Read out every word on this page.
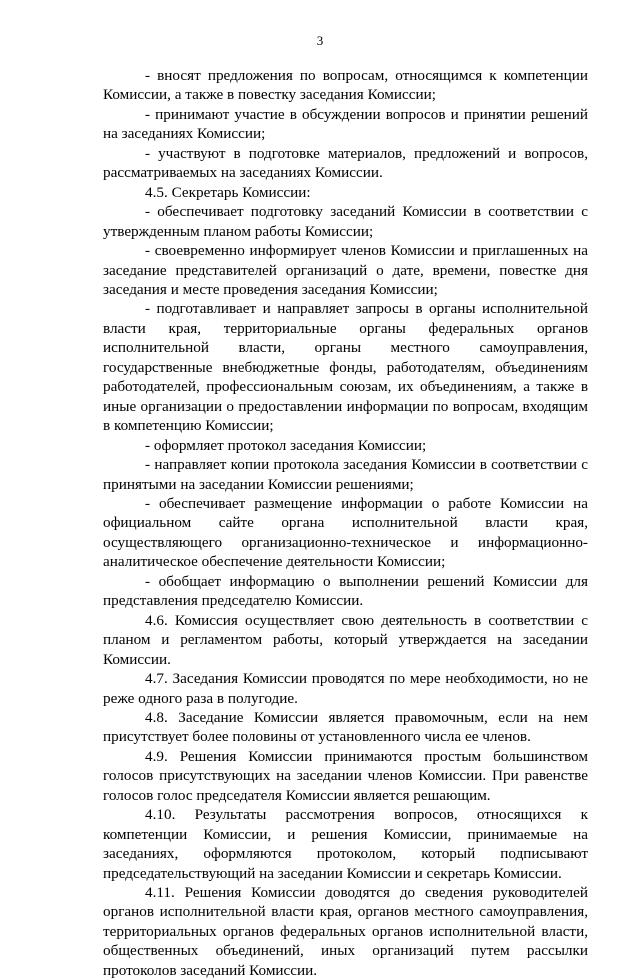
3

- вносят предложения по вопросам, относящимся к компетенции Комиссии, а также в повестку заседания Комиссии;

- принимают участие в обсуждении вопросов и принятии решений на заседаниях Комиссии;

- участвуют в подготовке материалов, предложений и вопросов, рассматриваемых на заседаниях Комиссии.

4.5. Секретарь Комиссии:

- обеспечивает подготовку заседаний Комиссии в соответствии с утвержденным планом работы Комиссии;

- своевременно информирует членов Комиссии и приглашенных на заседание представителей организаций о дате, времени, повестке дня заседания и месте проведения заседания Комиссии;

- подготавливает и направляет запросы в органы исполнительной власти края, территориальные органы федеральных органов исполнительной власти, органы местного самоуправления, государственные внебюджетные фонды, работодателям, объединениям работодателей, профессиональным союзам, их объединениям, а также в иные организации о предоставлении информации по вопросам, входящим в компетенцию Комиссии;

- оформляет протокол заседания Комиссии;

- направляет копии протокола заседания Комиссии в соответствии с принятыми на заседании Комиссии решениями;

- обеспечивает размещение информации о работе Комиссии на официальном сайте органа исполнительной власти края, осуществляющего организационно-техническое и информационно-аналитическое обеспечение деятельности Комиссии;

- обобщает информацию о выполнении решений Комиссии для представления председателю Комиссии.

4.6. Комиссия осуществляет свою деятельность в соответствии с планом и регламентом работы, который утверждается на заседании Комиссии.

4.7. Заседания Комиссии проводятся по мере необходимости, но не реже одного раза в полугодие.

4.8. Заседание Комиссии является правомочным, если на нем присутствует более половины от установленного числа ее членов.

4.9. Решения Комиссии принимаются простым большинством голосов присутствующих на заседании членов Комиссии. При равенстве голосов голос председателя Комиссии является решающим.

4.10. Результаты рассмотрения вопросов, относящихся к компетенции Комиссии, и решения Комиссии, принимаемые на заседаниях, оформляются протоколом, который подписывают председательствующий на заседании Комиссии и секретарь Комиссии.

4.11. Решения Комиссии доводятся до сведения руководителей органов исполнительной власти края, органов местного самоуправления, территориальных органов федеральных органов исполнительной власти, общественных объединений, иных организаций путем рассылки протоколов заседаний Комиссии.
